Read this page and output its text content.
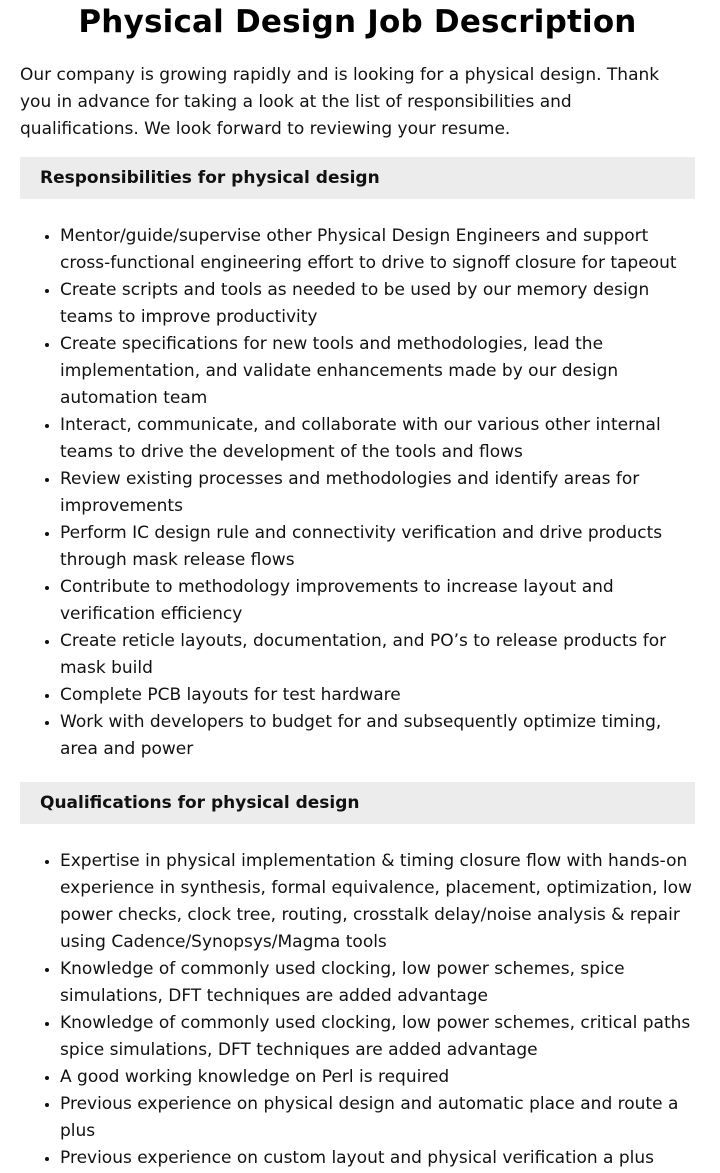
Physical Design Job Description

Our company is growing rapidly and is looking for a physical design. Thank you in advance for taking a look at the list of responsibilities and qualifications. We look forward to reviewing your resume.

Responsibilities for physical design
• Mentor/guide/supervise other Physical Design Engineers and support cross-functional engineering effort to drive to signoff closure for tapeout
• Create scripts and tools as needed to be used by our memory design teams to improve productivity
• Create specifications for new tools and methodologies, lead the implementation, and validate enhancements made by our design automation team
• Interact, communicate, and collaborate with our various other internal teams to drive the development of the tools and flows
• Review existing processes and methodologies and identify areas for improvements
• Perform IC design rule and connectivity verification and drive products through mask release flows
• Contribute to methodology improvements to increase layout and verification efficiency
• Create reticle layouts, documentation, and PO’s to release products for mask build
• Complete PCB layouts for test hardware
• Work with developers to budget for and subsequently optimize timing, area and power
Qualifications for physical design
• Expertise in physical implementation & timing closure flow with hands-on experience in synthesis, formal equivalence, placement, optimization, low power checks, clock tree, routing, crosstalk delay/noise analysis & repair using Cadence/Synopsys/Magma tools
• Knowledge of commonly used clocking, low power schemes, spice simulations, DFT techniques are added advantage
• Knowledge of commonly used clocking, low power schemes, critical paths spice simulations, DFT techniques are added advantage
• A good working knowledge on Perl is required
• Previous experience on physical design and automatic place and route a plus
• Previous experience on custom layout and physical verification a plus
